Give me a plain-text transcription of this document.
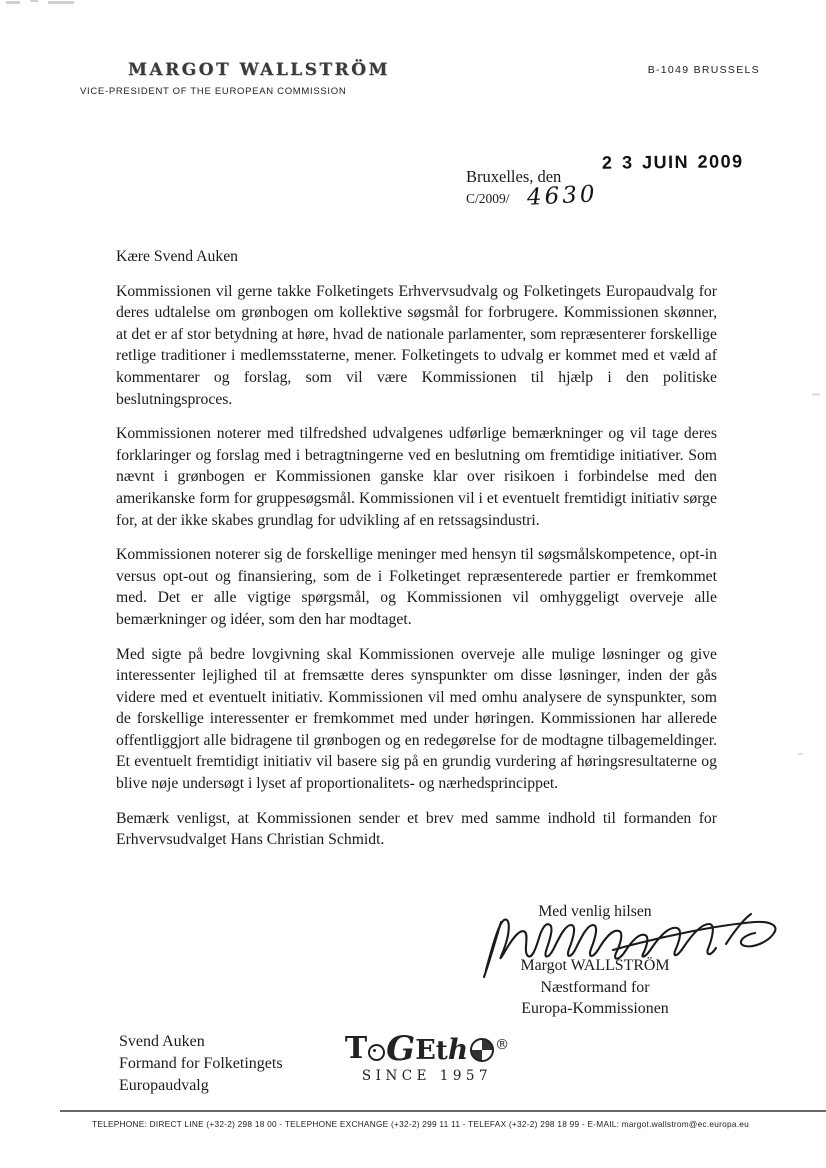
MARGOT WALLSTRÖM
VICE-PRESIDENT OF THE EUROPEAN COMMISSION
B-1049 BRUSSELS
Bruxelles, den
2 3 JUIN 2009
C/2009/ 4630

Kære Svend Auken

Kommissionen vil gerne takke Folketingets Erhvervsudvalg og Folketingets Europaudvalg for deres udtalelse om grønbogen om kollektive søgsmål for forbrugere. Kommissionen skønner, at det er af stor betydning at høre, hvad de nationale parlamenter, som repræsenterer forskellige retlige traditioner i medlemsstaterne, mener. Folketingets to udvalg er kommet med et væld af kommentarer og forslag, som vil være Kommissionen til hjælp i den politiske beslutningsproces.

Kommissionen noterer med tilfredshed udvalgenes udførlige bemærkninger og vil tage deres forklaringer og forslag med i betragtningerne ved en beslutning om fremtidige initiativer. Som nævnt i grønbogen er Kommissionen ganske klar over risikoen i forbindelse med den amerikanske form for gruppesøgsmål. Kommissionen vil i et eventuelt fremtidigt initiativ sørge for, at der ikke skabes grundlag for udvikling af en retssagsindustri.

Kommissionen noterer sig de forskellige meninger med hensyn til søgsmålskompetence, opt-in versus opt-out og finansiering, som de i Folketinget repræsenterede partier er fremkommet med. Det er alle vigtige spørgsmål, og Kommissionen vil omhyggeligt overveje alle bemærkninger og idéer, som den har modtaget.

Med sigte på bedre lovgivning skal Kommissionen overveje alle mulige løsninger og give interessenter lejlighed til at fremsætte deres synspunkter om disse løsninger, inden der gås videre med et eventuelt initiativ. Kommissionen vil med omhu analysere de synspunkter, som de forskellige interessenter er fremkommet med under høringen. Kommissionen har allerede offentliggjort alle bidragene til grønbogen og en redegørelse for de modtagne tilbagemeldinger. Et eventuelt fremtidigt initiativ vil basere sig på en grundig vurdering af høringsresultaterne og blive nøje undersøgt i lyset af proportionalitets- og nærhedsprincippet.

Bemærk venligst, at Kommissionen sender et brev med samme indhold til formanden for Erhvervsudvalget Hans Christian Schmidt.

Med venlig hilsen
Margot WALLSTRÖM
Næstformand for
Europa-Kommissionen
Svend Auken
Formand for Folketingets
Europaudvalg
T G E t h ®
SINCE 1957
TELEPHONE: DIRECT LINE (+32-2) 298 18 00 - TELEPHONE EXCHANGE (+32-2) 299 11 11 - TELEFAX (+32-2) 298 18 99 - E-MAIL: margot.wallstrom@ec.europa.eu
